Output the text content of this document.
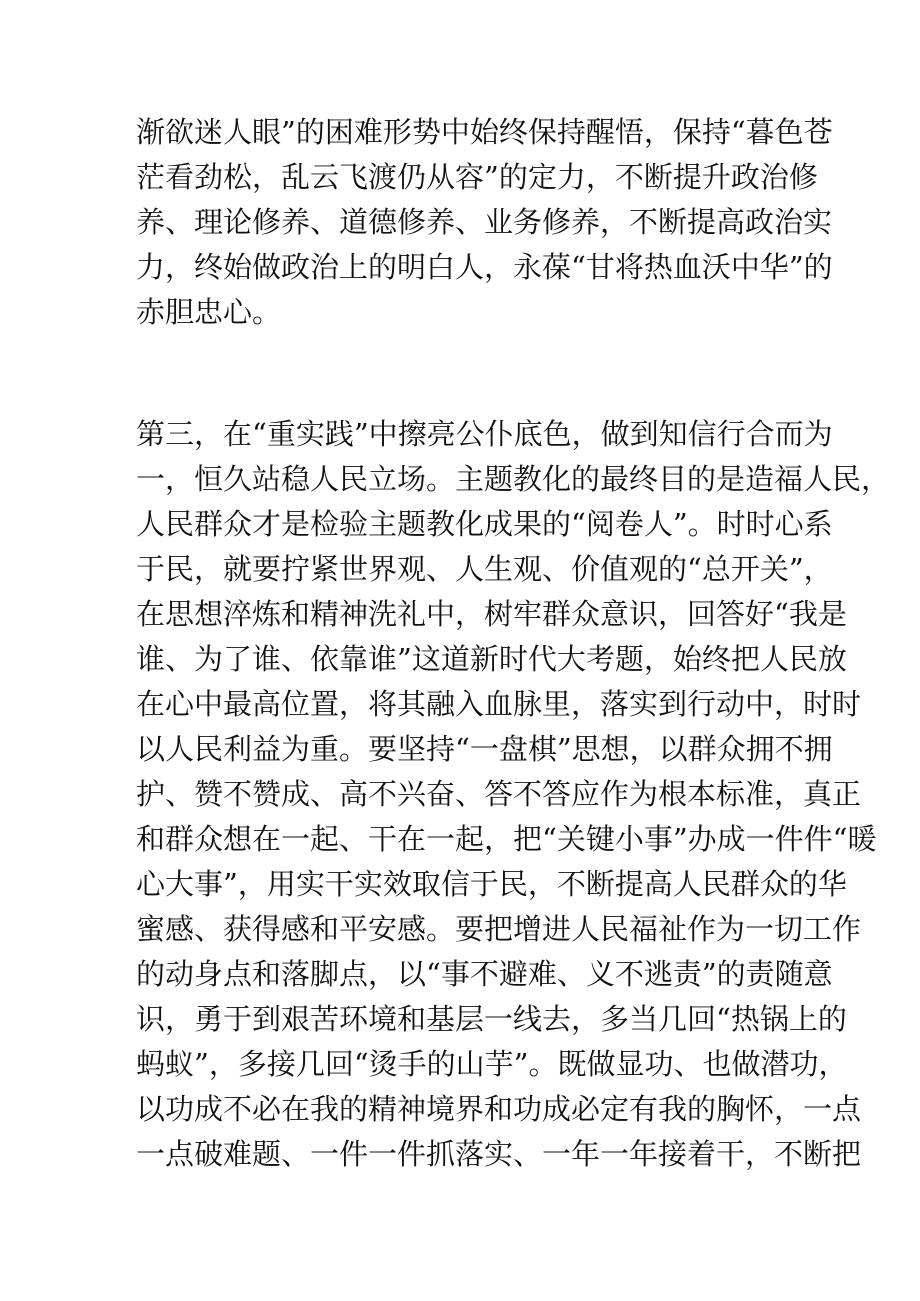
渐欲迷人眼”的困难形势中始终保持醒悟，保持“暮色苍
茫看劲松，乱云飞渡仍从容”的定力，不断提升政治修
养、理论修养、道德修养、业务修养，不断提高政治实
力，终始做政治上的明白人，永葆“甘将热血沃中华”的
赤胆忠心。
第三，在“重实践”中擦亮公仆底色，做到知信行合而为
一，恒久站稳人民立场。主题教化的最终目的是造福人民，
人民群众才是检验主题教化成果的“阅卷人”。时时心系
于民，就要拧紧世界观、人生观、价值观的“总开关”，
在思想淬炼和精神洗礼中，树牢群众意识，回答好“我是
谁、为了谁、依靠谁”这道新时代大考题，始终把人民放
在心中最高位置，将其融入血脉里，落实到行动中，时时
以人民利益为重。要坚持“一盘棋”思想，以群众拥不拥
护、赞不赞成、高不兴奋、答不答应作为根本标准，真正
和群众想在一起、干在一起，把“关键小事”办成一件件“暖
心大事”，用实干实效取信于民，不断提高人民群众的华
蜜感、获得感和平安感。要把增进人民福祉作为一切工作
的动身点和落脚点，以“事不避难、义不逃责”的责随意
识，勇于到艰苦环境和基层一线去，多当几回“热锅上的
蚂蚁”，多接几回“烫手的山芋”。既做显功、也做潜功，
以功成不必在我的精神境界和功成必定有我的胸怀，一点
一点破难题、一件一件抓落实、一年一年接着干，不断把
